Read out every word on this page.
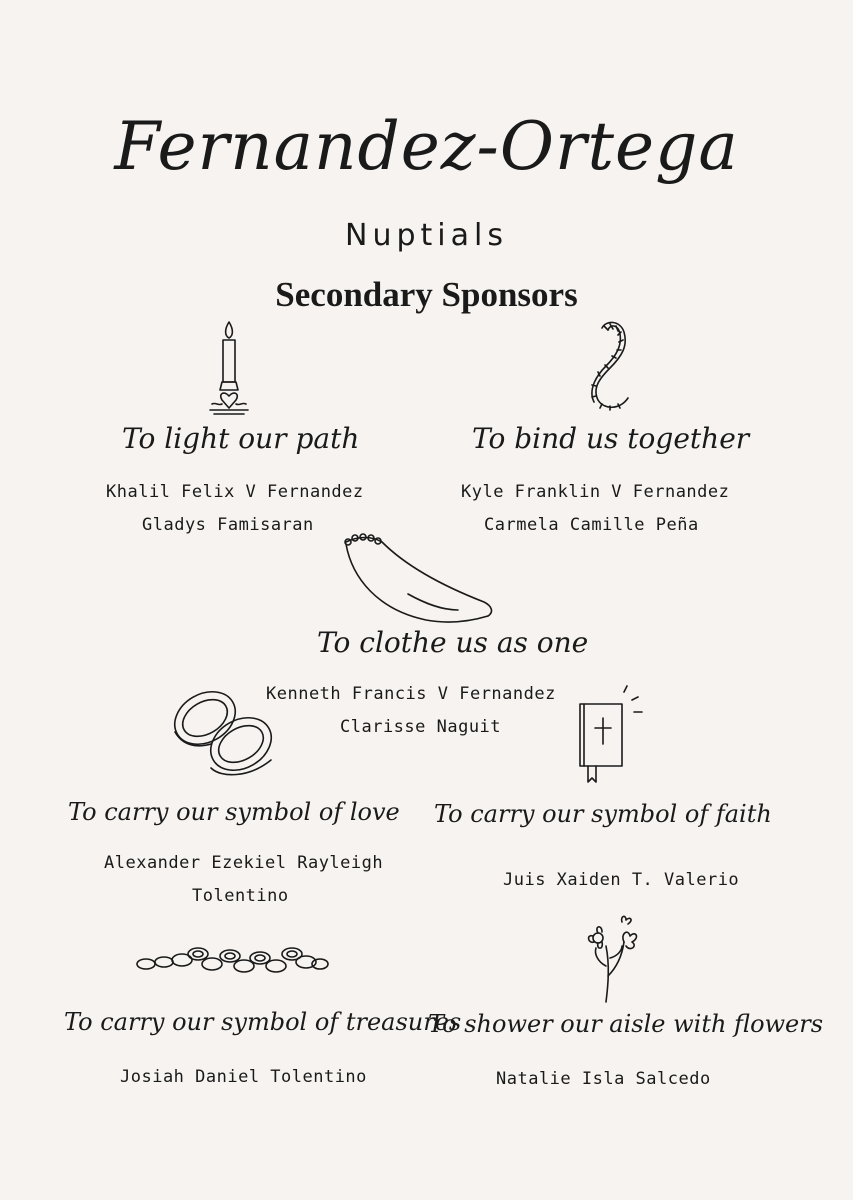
Fernandez-Ortega
Nuptials
Secondary Sponsors
To light our path
Khalil Felix V Fernandez
Gladys Famisaran
To bind us together
Kyle Franklin V Fernandez
Carmela Camille Peña
To clothe us as one
Kenneth Francis V Fernandez
Clarisse Naguit
To carry our symbol of love
Alexander Ezekiel Rayleigh
Tolentino
To carry our symbol of faith
Juis Xaiden T. Valerio
To carry our symbol of treasures
Josiah Daniel Tolentino
To shower our aisle with flowers
Natalie Isla Salcedo
